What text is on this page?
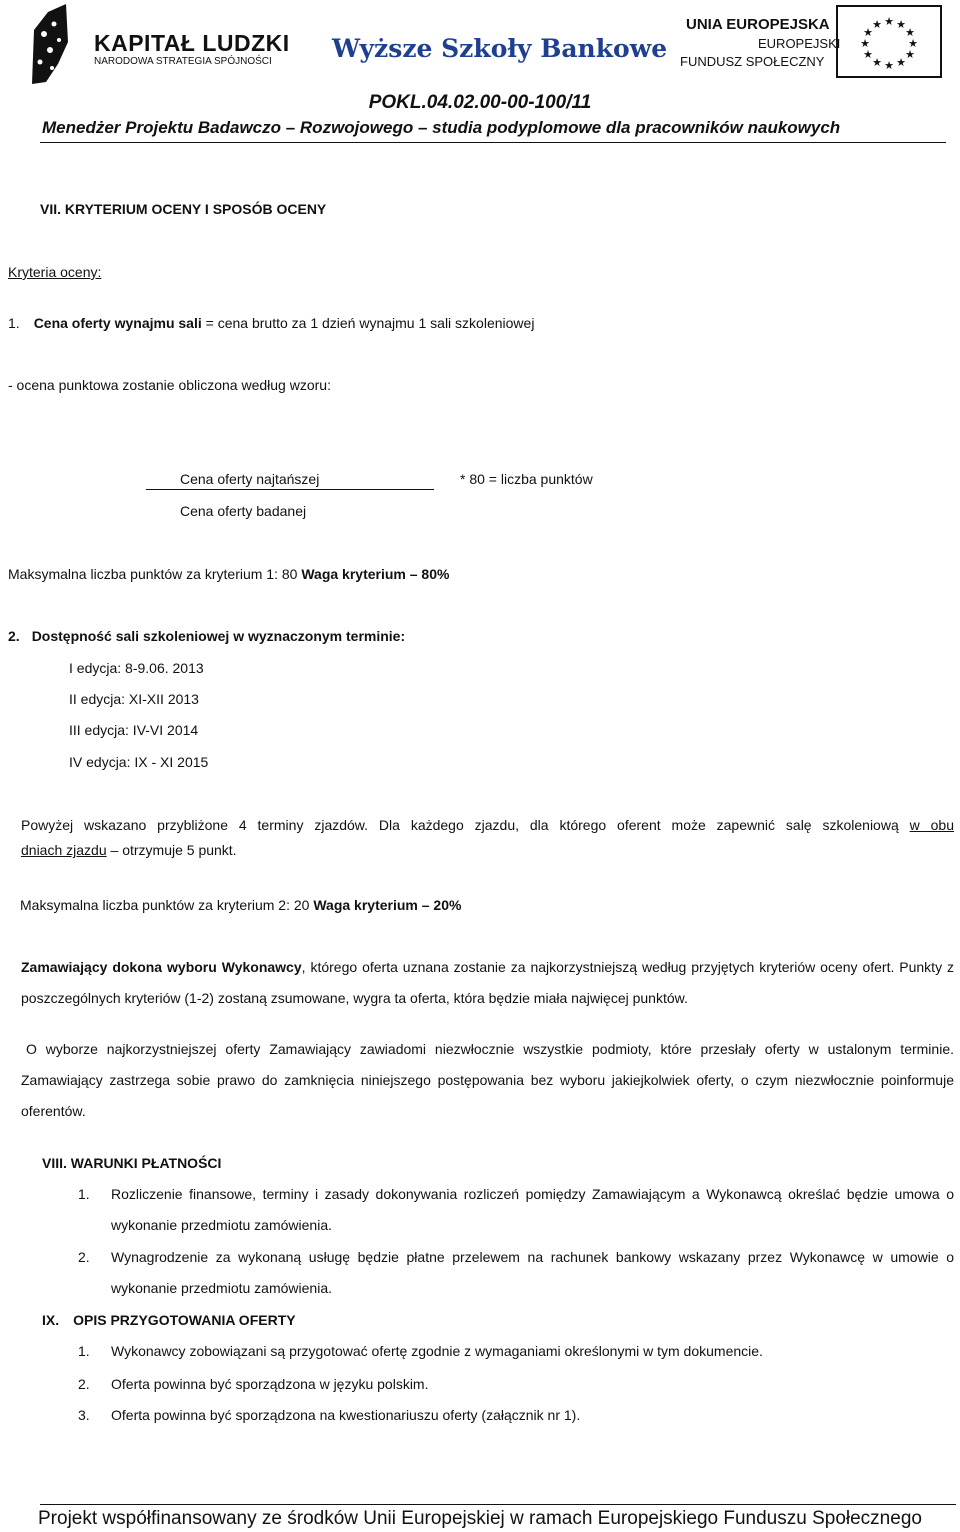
KAPITAŁ LUDZKI
NARODOWA STRATEGIA SPÓJNOŚCI Wyższe Szkoły Bankowe
UNIA EUROPEJSKA
EUROPEJSKI
FUNDUSZ SPOŁECZNY
★ ★
★
★
★
★
★
★
★
★
★
★
POKL.04.02.00-00-100/11
Menedżer Projektu Badawczo – Rozwojowego – studia podyplomowe dla pracowników naukowych
VII. KRYTERIUM OCENY I SPOSÓB OCENY
Kryteria oceny:
1. Cena oferty wynajmu sali = cena brutto za 1 dzień wynajmu 1 sali szkoleniowej
- ocena punktowa zostanie obliczona według wzoru:
Cena oferty najtańszej
Cena oferty badanej
* 80 = liczba punktów
Maksymalna liczba punktów za kryterium 1: 80 Waga kryterium – 80%
2. Dostępność sali szkoleniowej w wyznaczonym terminie:
I edycja: 8-9.06. 2013
II edycja: XI-XII 2013
III edycja: IV-VI 2014
IV edycja: IX - XI 2015
Powyżej wskazano przybliżone 4 terminy zjazdów. Dla każdego zjazdu, dla którego oferent może zapewnić salę szkoleniową w obu
dniach zjazdu – otrzymuje 5 punkt.
Maksymalna liczba punktów za kryterium 2: 20 Waga kryterium – 20%
Zamawiający dokona wyboru Wykonawcy, którego oferta uznana zostanie za najkorzystniejszą według przyjętych kryteriów oceny ofert. Punkty z poszczególnych kryteriów (1-2) zostaną zsumowane, wygra ta oferta, która będzie miała najwięcej punktów.
O wyborze najkorzystniejszej oferty Zamawiający zawiadomi niezwłocznie wszystkie podmioty, które przesłały oferty w ustalonym terminie. Zamawiający zastrzega sobie prawo do zamknięcia niniejszego postępowania bez wyboru jakiejkolwiek oferty, o czym niezwłocznie poinformuje oferentów.
VIII. WARUNKI PŁATNOŚCI
1. Rozliczenie finansowe, terminy i zasady dokonywania rozliczeń pomiędzy Zamawiającym a Wykonawcą określać będzie umowa o wykonanie przedmiotu zamówienia.
2. Wynagrodzenie za wykonaną usługę będzie płatne przelewem na rachunek bankowy wskazany przez Wykonawcę w umowie o wykonanie przedmiotu zamówienia.
IX. OPIS PRZYGOTOWANIA OFERTY
1. Wykonawcy zobowiązani są przygotować ofertę zgodnie z wymaganiami określonymi w tym dokumencie.
2. Oferta powinna być sporządzona w języku polskim.
3. Oferta powinna być sporządzona na kwestionariuszu oferty (załącznik nr 1).
Projekt współfinansowany ze środków Unii Europejskiej w ramach Europejskiego Funduszu Społecznego
